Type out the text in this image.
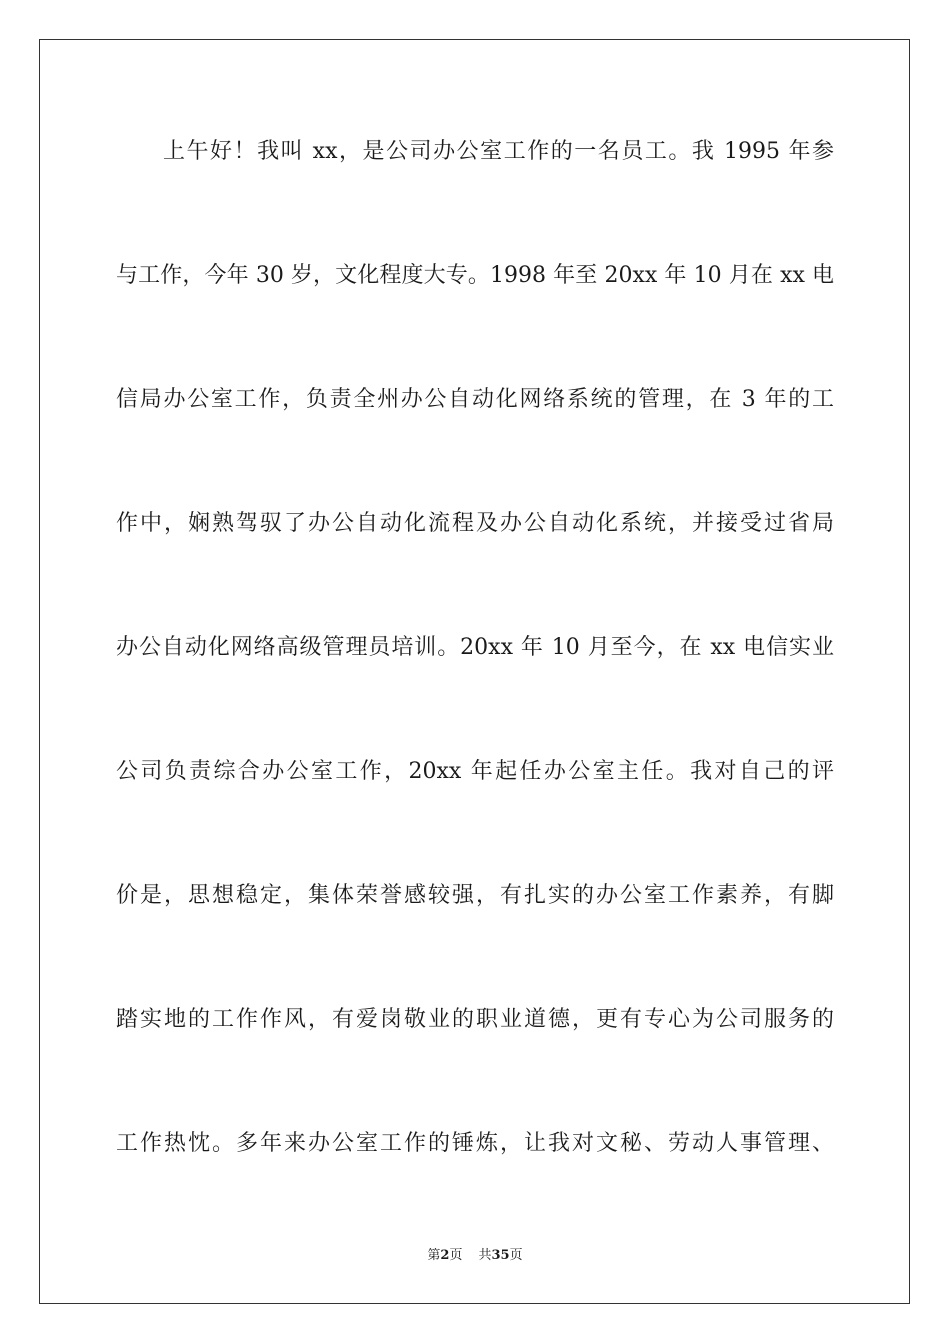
上午好！我叫 xx，是公司办公室工作的一名员工。我 1995 年参
与工作，今年 30 岁，文化程度大专。1998 年至 20xx 年 10 月在 xx 电
信局办公室工作，负责全州办公自动化网络系统的管理，在 3 年的工
作中，娴熟驾驭了办公自动化流程及办公自动化系统，并接受过省局
办公自动化网络高级管理员培训。20xx 年 10 月至今，在 xx 电信实业
公司负责综合办公室工作，20xx 年起任办公室主任。我对自己的评
价是，思想稳定，集体荣誉感较强，有扎实的办公室工作素养，有脚
踏实地的工作作风，有爱岗敬业的职业道德，更有专心为公司服务的
工作热忱。多年来办公室工作的锤炼，让我对文秘、劳动人事管理、
第2页 共35页
